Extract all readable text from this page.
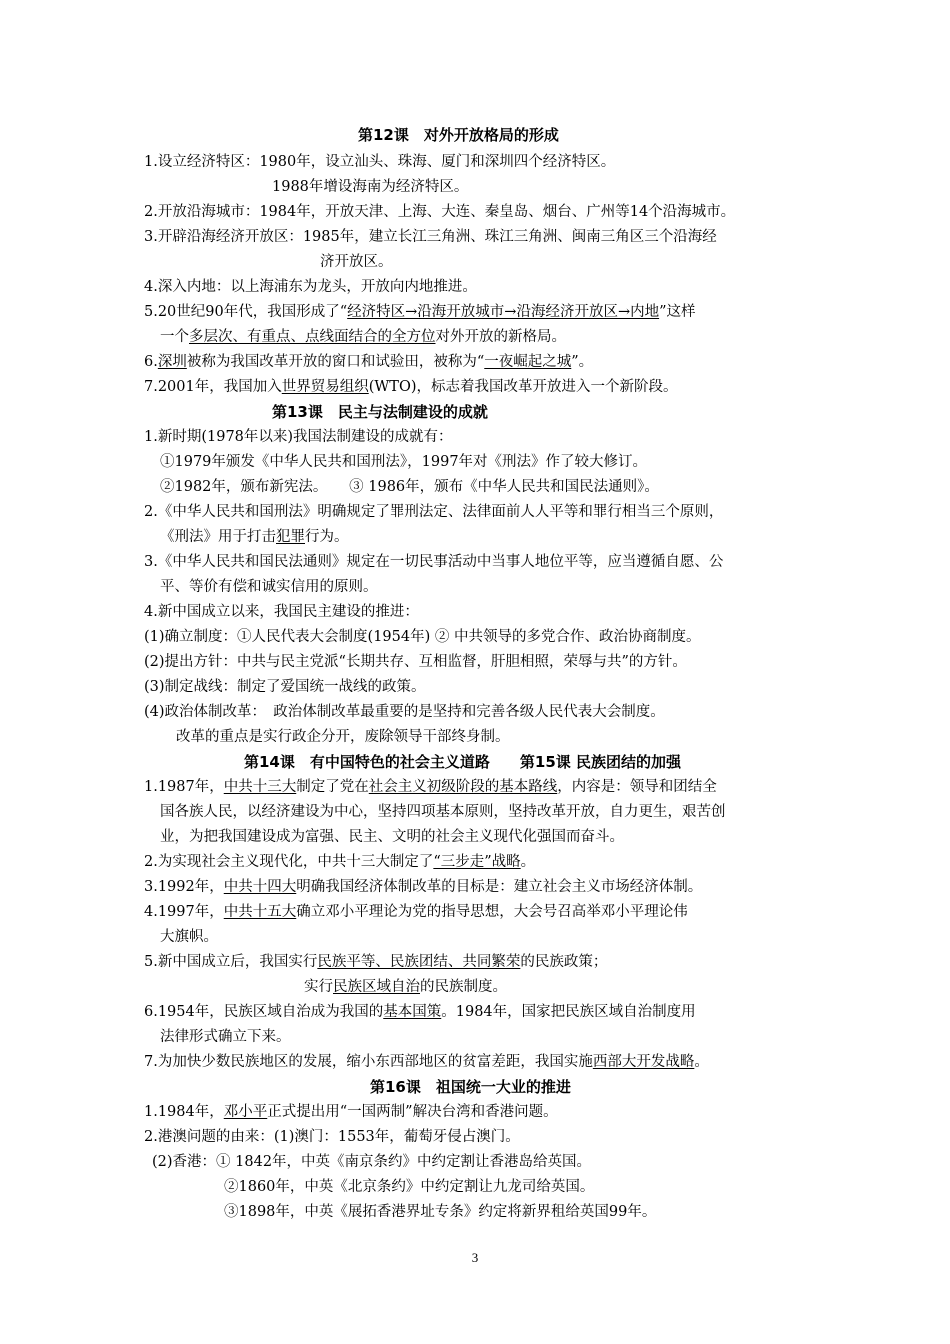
第12课　对外开放格局的形成
1.设立经济特区：1980年，设立汕头、珠海、厦门和深圳四个经济特区。
1988年增设海南为经济特区。
2.开放沿海城市：1984年，开放天津、上海、大连、秦皇岛、烟台、广州等14个沿海城市。
3.开辟沿海经济开放区：1985年，建立长江三角洲、珠江三角洲、闽南三角区三个沿海经
济开放区。
4.深入内地：以上海浦东为龙头，开放向内地推进。
5.20世纪90年代，我国形成了“经济特区→沿海开放城市→沿海经济开放区→内地”这样
一个多层次、有重点、点线面结合的全方位对外开放的新格局。
6.深圳被称为我国改革开放的窗口和试验田，被称为“一夜崛起之城”。
7.2001年，我国加入世界贸易组织(WTO)，标志着我国改革开放进入一个新阶段。
第13课　民主与法制建设的成就
1.新时期(1978年以来)我国法制建设的成就有：
①1979年颁发《中华人民共和国刑法》，1997年对《刑法》作了较大修订。
②1982年，颁布新宪法。　　③ 1986年，颁布《中华人民共和国民法通则》。
2.《中华人民共和国刑法》明确规定了罪刑法定、法律面前人人平等和罪行相当三个原则，
《刑法》用于打击犯罪行为。
3.《中华人民共和国民法通则》规定在一切民事活动中当事人地位平等，应当遵循自愿、公
平、等价有偿和诚实信用的原则。
4.新中国成立以来，我国民主建设的推进：
(1)确立制度：①人民代表大会制度(1954年) ② 中共领导的多党合作、政治协商制度。
(2)提出方针：中共与民主党派“长期共存、互相监督，肝胆相照，荣辱与共”的方针。
(3)制定战线：制定了爱国统一战线的政策。
(4)政治体制改革：　政治体制改革最重要的是坚持和完善各级人民代表大会制度。
改革的重点是实行政企分开，废除领导干部终身制。
第14课　有中国特色的社会主义道路　　第15课 民族团结的加强
1.1987年，中共十三大制定了党在社会主义初级阶段的基本路线，内容是：领导和团结全
国各族人民，以经济建设为中心，坚持四项基本原则，坚持改革开放，自力更生，艰苦创
业，为把我国建设成为富强、民主、文明的社会主义现代化强国而奋斗。
2.为实现社会主义现代化，中共十三大制定了“三步走”战略。
3.1992年，中共十四大明确我国经济体制改革的目标是：建立社会主义市场经济体制。
4.1997年，中共十五大确立邓小平理论为党的指导思想，大会号召高举邓小平理论伟
大旗帜。
5.新中国成立后，我国实行民族平等、民族团结、共同繁荣的民族政策；
实行民族区域自治的民族制度。
6.1954年，民族区域自治成为我国的基本国策。1984年，国家把民族区域自治制度用
法律形式确立下来。
7.为加快少数民族地区的发展，缩小东西部地区的贫富差距，我国实施西部大开发战略。
第16课　祖国统一大业的推进
1.1984年，邓小平正式提出用“一国两制”解决台湾和香港问题。
2.港澳问题的由来：(1)澳门：1553年，葡萄牙侵占澳门。
(2)香港：① 1842年，中英《南京条约》中约定割让香港岛给英国。
②1860年，中英《北京条约》中约定割让九龙司给英国。
③1898年，中英《展拓香港界址专条》约定将新界租给英国99年。
3
